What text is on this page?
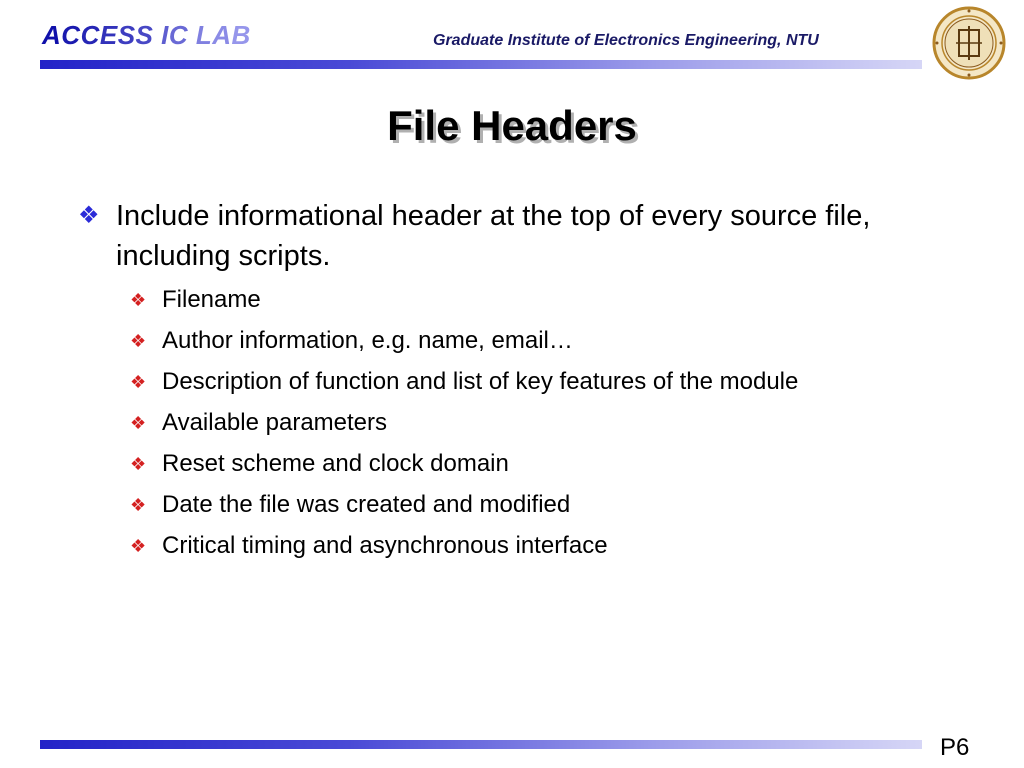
ACCESS IC LAB	Graduate Institute of Electronics Engineering, NTU
File Headers
❖ Include informational header at the top of every source file, including scripts.
❖ Filename
❖ Author information, e.g. name, email…
❖ Description of function and list of key features of the module
❖ Available parameters
❖ Reset scheme and clock domain
❖ Date the file was created and modified
❖ Critical timing and asynchronous interface
P6
